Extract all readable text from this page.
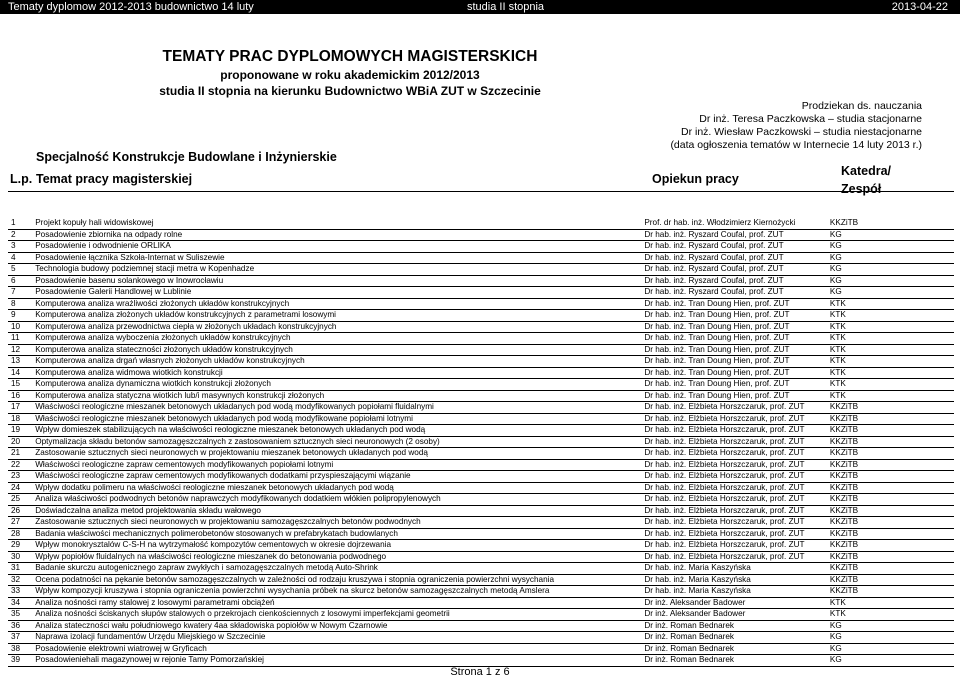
Tematy dyplomow 2012-2013 budownictwo 14 luty	studia II stopnia	2013-04-22
TEMATY PRAC DYPLOMOWYCH MAGISTERSKICH
proponowane w roku akademickim 2012/2013
studia II stopnia na kierunku Budownictwo WBiA ZUT w Szczecinie
Prodziekan ds. nauczania
Dr inż. Teresa Paczkowska – studia stacjonarne
Dr inż. Wiesław Paczkowski – studia niestacjonarne
(data ogłoszenia tematów w Internecie 14 luty 2013 r.)
Specjalność Konstrukcje Budowlane i Inżynierskie
L.p. Temat pracy magisterskiej	Opiekun pracy
Katedra/
Zespół
1	Projekt kopuły hali widowiskowej	Prof. dr hab. inż. Włodzimierz Kiernożycki	KKZiTB
2	Posadowienie zbiornika na odpady rolne	Dr hab. inż. Ryszard Coufal, prof. ZUT	KG
3	Posadowienie i odwodnienie ORLIKA	Dr hab. inż. Ryszard Coufal, prof. ZUT	KG
4	Posadowienie łącznika Szkoła-Internat w Suliszewie	Dr hab. inż. Ryszard Coufal, prof. ZUT	KG
5	Technologia budowy podziemnej stacji metra w Kopenhadze	Dr hab. inż. Ryszard Coufal, prof. ZUT	KG
6	Posadowienie basenu solankowego w Inowrocławiu	Dr hab. inż. Ryszard Coufal, prof. ZUT	KG
7	Posadowienie Galerii Handlowej w Lublinie	Dr hab. inż. Ryszard Coufal, prof. ZUT	KG
8	Komputerowa analiza wrażliwości złożonych układów konstrukcyjnych	Dr hab. inż. Tran Doung Hien, prof. ZUT	KTK
9	Komputerowa analiza złożonych układów konstrukcyjnych z parametrami losowymi	Dr hab. inż. Tran Doung Hien, prof. ZUT	KTK
10	Komputerowa analiza przewodnictwa ciepła w złożonych układach konstrukcyjnych	Dr hab. inż. Tran Doung Hien, prof. ZUT	KTK
11	Komputerowa analiza wyboczenia złożonych układów konstrukcyjnych	Dr hab. inż. Tran Doung Hien, prof. ZUT	KTK
12	Komputerowa analiza stateczności złożonych układów konstrukcyjnych	Dr hab. inż. Tran Doung Hien, prof. ZUT	KTK
13	Komputerowa analiza drgań własnych złożonych układów konstrukcyjnych	Dr hab. inż. Tran Doung Hien, prof. ZUT	KTK
14	Komputerowa analiza widmowa wiotkich konstrukcji	Dr hab. inż. Tran Doung Hien, prof. ZUT	KTK
15	Komputerowa analiza dynamiczna wiotkich konstrukcji złożonych	Dr hab. inż. Tran Doung Hien, prof. ZUT	KTK
16	Komputerowa analiza statyczna wiotkich lub/i masywnych konstrukcji złożonych	Dr hab. inż. Tran Doung Hien, prof. ZUT	KTK
17	Właściwości reologiczne mieszanek betonowych układanych pod wodą modyfikowanych popiołami fluidalnymi	Dr hab. inż. Elżbieta Horszczaruk, prof. ZUT	KKZiTB
18	Właściwości reologiczne mieszanek betonowych układanych pod wodą modyfikowane popiołami lotnymi	Dr hab. inż. Elżbieta Horszczaruk, prof. ZUT	KKZiTB
19	Wpływ domieszek stabilizujących na właściwości reologiczne mieszanek betonowych układanych pod wodą	Dr hab. inż. Elżbieta Horszczaruk, prof. ZUT	KKZiTB
20	Optymalizacja składu betonów samozagęszczalnych z zastosowaniem sztucznych sieci neuronowych (2 osoby)	Dr hab. inż. Elżbieta Horszczaruk, prof. ZUT	KKZiTB
21	Zastosowanie sztucznych sieci neuronowych w projektowaniu mieszanek betonowych układanych pod wodą	Dr hab. inż. Elżbieta Horszczaruk, prof. ZUT	KKZiTB
22	Właściwości reologiczne zapraw cementowych modyfikowanych popiołami lotnymi	Dr hab. inż. Elżbieta Horszczaruk, prof. ZUT	KKZiTB
23	Właściwości reologiczne zapraw cementowych modyfikowanych dodatkami przyspieszającymi wiązanie	Dr hab. inż. Elżbieta Horszczaruk, prof. ZUT	KKZiTB
24	Wpływ dodatku polimeru na właściwości reologiczne mieszanek betonowych układanych pod wodą	Dr hab. inż. Elżbieta Horszczaruk, prof. ZUT	KKZiTB
25	Analiza właściwości podwodnych betonów naprawczych modyfikowanych dodatkiem włókien polipropylenowych	Dr hab. inż. Elżbieta Horszczaruk, prof. ZUT	KKZiTB
26	Doświadczalna analiza metod projektowania składu wałowego	Dr hab. inż. Elżbieta Horszczaruk, prof. ZUT	KKZiTB
27	Zastosowanie sztucznych sieci neuronowych w projektowaniu samozagęszczalnych betonów podwodnych	Dr hab. inż. Elżbieta Horszczaruk, prof. ZUT	KKZiTB
28	Badania właściwości mechanicznych polimerobetonów stosowanych w prefabrykatach budowlanych	Dr hab. inż. Elżbieta Horszczaruk, prof. ZUT	KKZiTB
29	Wpływ monokrysztalów C-S-H na wytrzymałość kompozytów cementowych w okresie dojrzewania	Dr hab. inż. Elżbieta Horszczaruk, prof. ZUT	KKZiTB
30	Wpływ popiołów fluidalnych na właściwości reologiczne mieszanek do betonowania podwodnego	Dr hab. inż. Elżbieta Horszczaruk, prof. ZUT	KKZiTB
31	Badanie skurczu autogenicznego zapraw zwykłych i samozagęszczalnych metodą Auto-Shrink	Dr hab. inż. Maria Kaszyńska	KKZiTB
32	Ocena podatności na pękanie betonów samozagęszczalnych w zależności od rodzaju kruszywa i stopnia ograniczenia powierzchni wysychania	Dr hab. inż. Maria Kaszyńska	KKZiTB
33	Wpływ kompozycji kruszywa i stopnia ograniczenia powierzchni wysychania próbek na skurcz betonów samozagęszczalnych metodą Amslera	Dr hab. inż. Maria Kaszyńska	KKZiTB
34	Analiza nośności ramy stalowej z losowymi parametrami obciążeń	Dr inż. Aleksander Badower	KTK
35	Analiza nośności ściskanych słupów stalowych o przekrojach cienkościennych z losowymi imperfekcjami geometrii	Dr inż. Aleksander Badower	KTK
36	Analiza stateczności wału południowego kwatery 4aa składowiska popiołów w Nowym Czarnowie	Dr inż. Roman Bednarek	KG
37	Naprawa izolacji fundamentów Urzędu Miejskiego w Szczecinie	Dr inż. Roman Bednarek	KG
38	Posadowienie elektrowni wiatrowej w Gryficach	Dr inż. Roman Bednarek	KG
39	Posadowieniehali magazynowej w rejonie Tamy Pomorzańskiej	Dr inż. Roman Bednarek	KG
Strona 1 z 6
